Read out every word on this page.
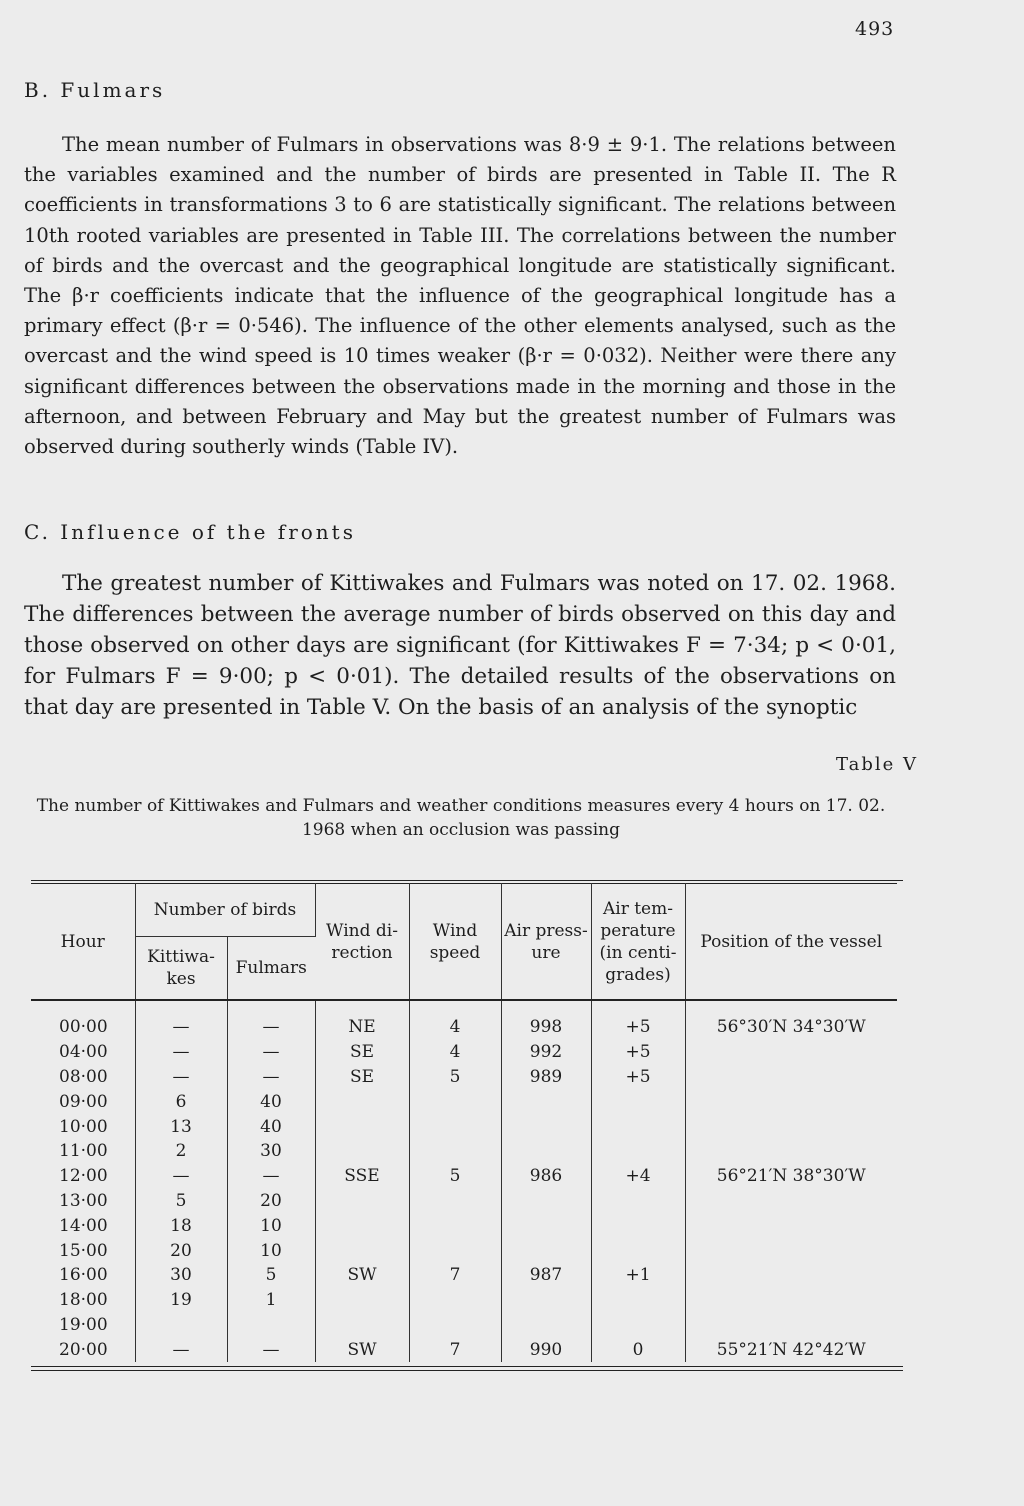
493
B. Fulmars

The mean number of Fulmars in observations was 8·9 ± 9·1. The relations between the variables examined and the number of birds are presented in Table II. The R coefficients in transformations 3 to 6 are statistically significant. The relations between 10th rooted variables are presented in Table III. The correlations between the number of birds and the overcast and the geographical longitude are statistically significant. The β·r coefficients indicate that the influence of the geographical longitude has a primary effect (β·r = 0·546). The influence of the other elements analysed, such as the overcast and the wind speed is 10 times weaker (β·r = 0·032). Neither were there any significant differences between the observations made in the morning and those in the afternoon, and between February and May but the greatest number of Fulmars was observed during southerly winds (Table IV).

C. Influence of the fronts

The greatest number of Kittiwakes and Fulmars was noted on 17. 02. 1968. The differences between the average number of birds observed on this day and those observed on other days are significant (for Kittiwakes F = 7·34; p < 0·01, for Fulmars F = 9·00; p < 0·01). The detailed results of the observations on that day are presented in Table V. On the basis of an analysis of the synoptic

Table V

The number of Kittiwakes and Fulmars and weather conditions measures every 4 hours on 17. 02. 1968 when an occlusion was passing

Hour	Number of birds		Wind di-rection	Wind speed	Air press-ure	Air tem-perature (in centi-grades)	Position of the vessel
	Kittiwa-kes	Fulmars					
00·00	—	—	NE	4	998	+5	56°30′N 34°30′W
04·00	—	—	SE	4	992	+5	
08·00	—	—	SE	5	989	+5	
09·00	6	40					
10·00	13	40					
11·00	2	30					
12·00	—	—	SSE	5	986	+4	56°21′N 38°30′W
13·00	5	20					
14·00	18	10					
15·00	20	10					
16·00	30	5	SW	7	987	+1	
18·00	19	1					
19·00							
20·00	—	—	SW	7	990	0	55°21′N 42°42′W
